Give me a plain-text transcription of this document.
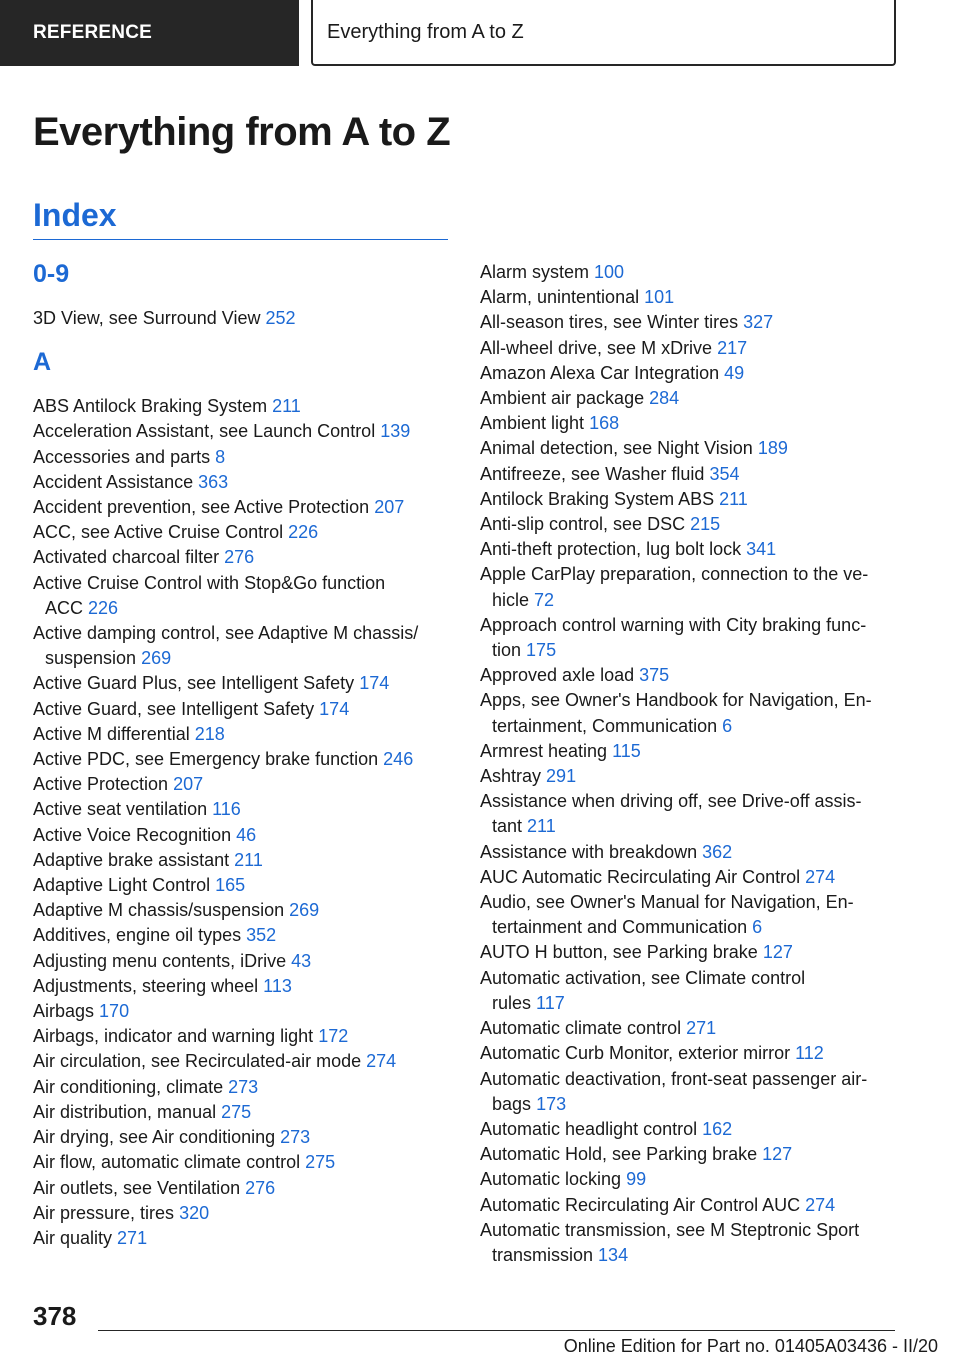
REFERENCE	Everything from A to Z
Everything from A to Z
Index
0-9
3D View, see Surround View 252
A
ABS Antilock Braking System 211
Acceleration Assistant, see Launch Control 139
Accessories and parts 8
Accident Assistance 363
Accident prevention, see Active Protection 207
ACC, see Active Cruise Control 226
Activated charcoal filter 276
Active Cruise Control with Stop&Go function
ACC 226
Active damping control, see Adaptive M chassis/
suspension 269
Active Guard Plus, see Intelligent Safety 174
Active Guard, see Intelligent Safety 174
Active M differential 218
Active PDC, see Emergency brake function 246
Active Protection 207
Active seat ventilation 116
Active Voice Recognition 46
Adaptive brake assistant 211
Adaptive Light Control 165
Adaptive M chassis/suspension 269
Additives, engine oil types 352
Adjusting menu contents, iDrive 43
Adjustments, steering wheel 113
Airbags 170
Airbags, indicator and warning light 172
Air circulation, see Recirculated-air mode 274
Air conditioning, climate 273
Air distribution, manual 275
Air drying, see Air conditioning 273
Air flow, automatic climate control 275
Air outlets, see Ventilation 276
Air pressure, tires 320
Air quality 271
Alarm system 100
Alarm, unintentional 101
All-season tires, see Winter tires 327
All-wheel drive, see M xDrive 217
Amazon Alexa Car Integration 49
Ambient air package 284
Ambient light 168
Animal detection, see Night Vision 189
Antifreeze, see Washer fluid 354
Antilock Braking System ABS 211
Anti-slip control, see DSC 215
Anti-theft protection, lug bolt lock 341
Apple CarPlay preparation, connection to the ve-
hicle 72
Approach control warning with City braking func-
tion 175
Approved axle load 375
Apps, see Owner's Handbook for Navigation, En-
tertainment, Communication 6
Armrest heating 115
Ashtray 291
Assistance when driving off, see Drive-off assis-
tant 211
Assistance with breakdown 362
AUC Automatic Recirculating Air Control 274
Audio, see Owner's Manual for Navigation, En-
tertainment and Communication 6
AUTO H button, see Parking brake 127
Automatic activation, see Climate control
rules 117
Automatic climate control 271
Automatic Curb Monitor, exterior mirror 112
Automatic deactivation, front-seat passenger air-
bags 173
Automatic headlight control 162
Automatic Hold, see Parking brake 127
Automatic locking 99
Automatic Recirculating Air Control AUC 274
Automatic transmission, see M Steptronic Sport
transmission 134
378
Online Edition for Part no. 01405A03436 - II/20
